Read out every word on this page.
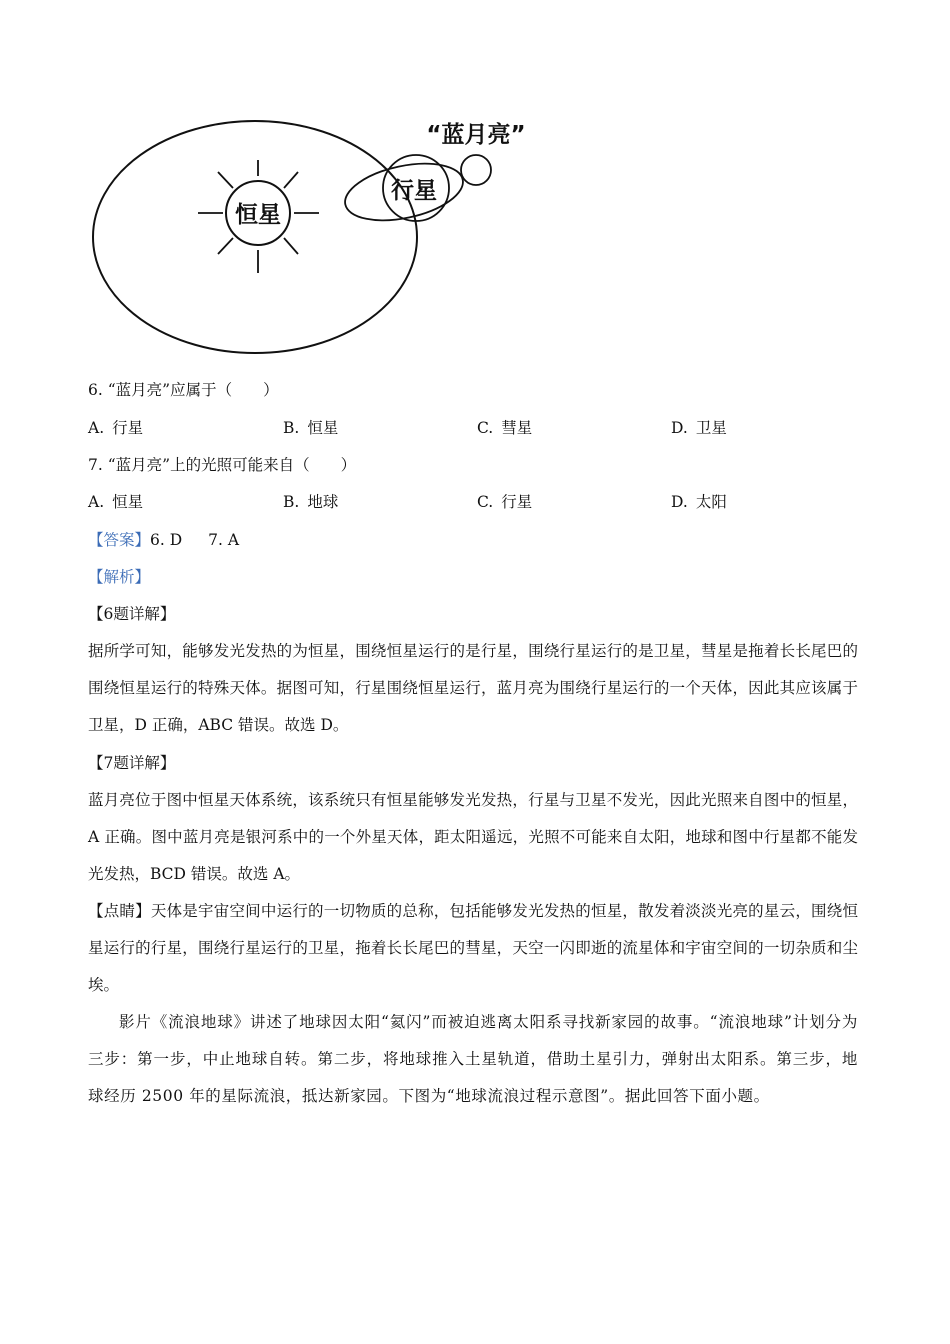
恒星
行星
“蓝月亮”
6. “蓝月亮”应属于（　　）
A. 行星	B. 恒星	C. 彗星	D. 卫星
7. “蓝月亮”上的光照可能来自（　　）
A. 恒星	B. 地球	C. 行星	D. 太阳
【答案】6. D 7. A
【解析】
【6题详解】
据所学可知，能够发光发热的为恒星，围绕恒星运行的是行星，围绕行星运行的是卫星，彗星是拖着长长尾巴的围绕恒星运行的特殊天体。据图可知，行星围绕恒星运行，蓝月亮为围绕行星运行的一个天体，因此其应该属于卫星，D 正确，ABC 错误。故选 D。
【7题详解】
蓝月亮位于图中恒星天体系统，该系统只有恒星能够发光发热，行星与卫星不发光，因此光照来自图中的恒星，A 正确。图中蓝月亮是银河系中的一个外星天体，距太阳遥远，光照不可能来自太阳，地球和图中行星都不能发光发热，BCD 错误。故选 A。
【点睛】天体是宇宙空间中运行的一切物质的总称，包括能够发光发热的恒星，散发着淡淡光亮的星云，围绕恒星运行的行星，围绕行星运行的卫星，拖着长长尾巴的彗星，天空一闪即逝的流星体和宇宙空间的一切杂质和尘埃。
影片《流浪地球》讲述了地球因太阳“氦闪”而被迫逃离太阳系寻找新家园的故事。“流浪地球”计划分为三步：第一步，中止地球自转。第二步，将地球推入土星轨道，借助土星引力，弹射出太阳系。第三步，地球经历 2500 年的星际流浪，抵达新家园。下图为“地球流浪过程示意图”。据此回答下面小题。
